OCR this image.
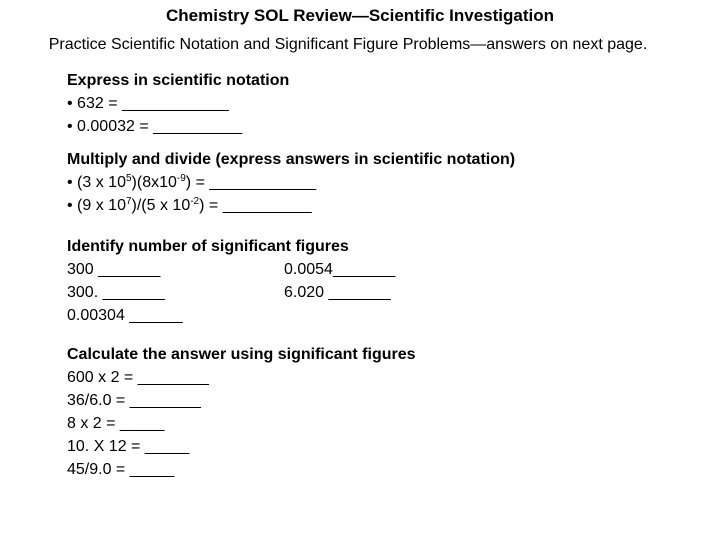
Chemistry SOL Review—Scientific Investigation
Practice Scientific Notation and Significant Figure Problems—answers on next page.
Express in scientific notation
• 632 = ____________
• 0.00032 = __________
Multiply and divide (express answers in scientific notation)
• (3 x $10^5)(8x10^{-9})$ = ____________
• (9 x $10^7)/(5$ x $10^{-2}$) = __________
Identify number of significant figures
300 _______	0.0054_______
300. _______	6.020 _______
0.00304 ______
Calculate the answer using significant figures
600 x 2 = ________
36/6.0 = ________
8 x 2 = _____
10. X 12 = _____
45/9.0 = _____
